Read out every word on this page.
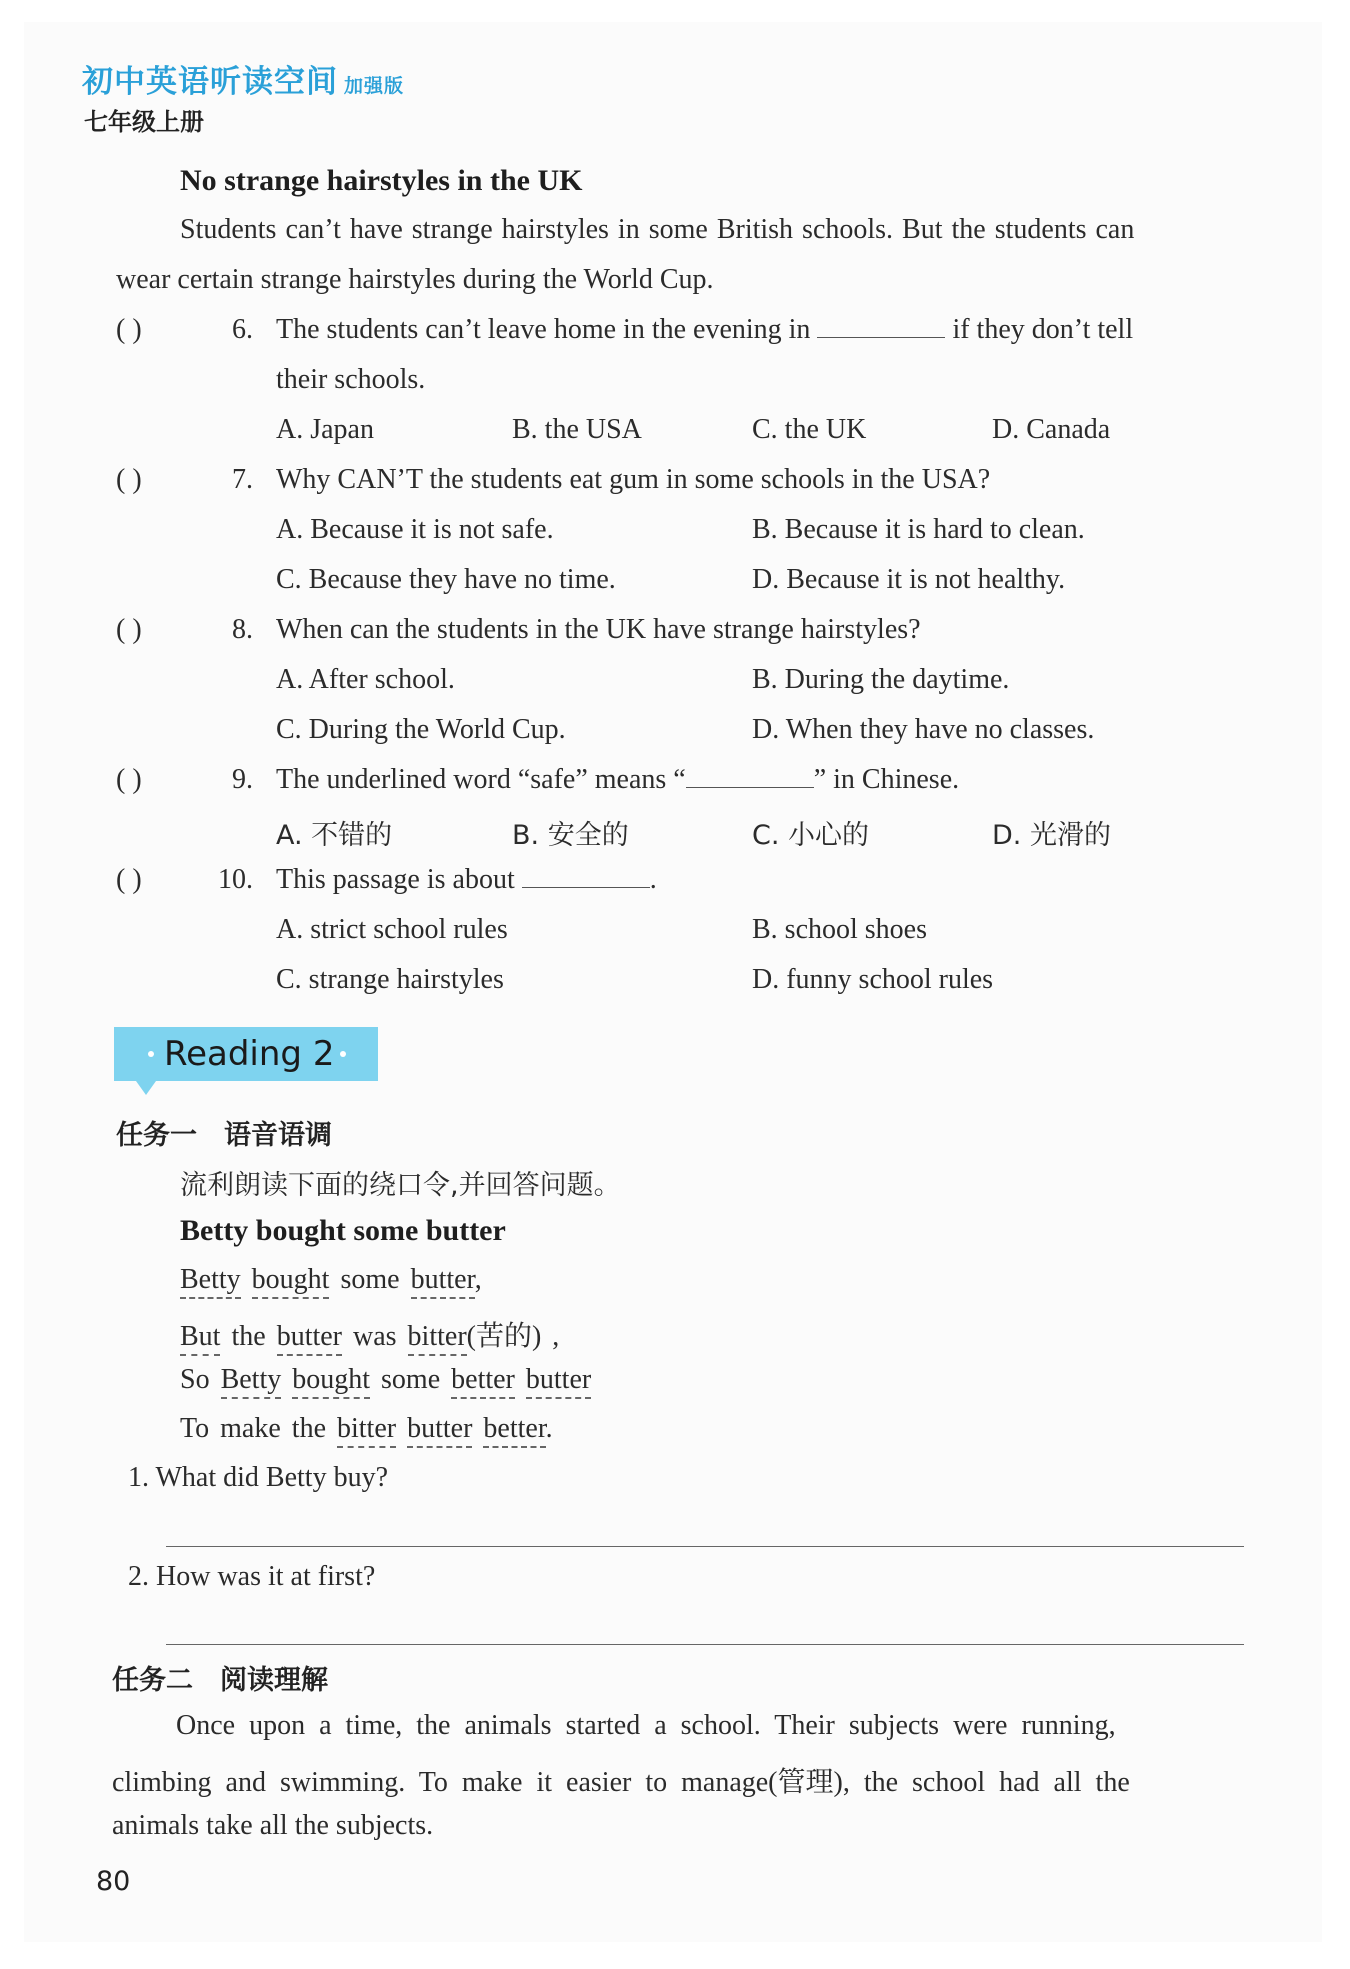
初中英语听读空间 加强版
七年级上册
No strange hairstyles in the UK
Students can’t have strange hairstyles in some British schools. But the students can
wear certain strange hairstyles during the World Cup.
( )	6. The students can’t leave home in the evening in	if they don’t tell
their schools.
A. Japan	B. the USA	C. the UK	D. Canada
( )	7. Why CAN’T the students eat gum in some schools in the USA?
A. Because it is not safe.	B. Because it is hard to clean.
C. Because they have no time.	D. Because it is not healthy.
( )	8. When can the students in the UK have strange hairstyles?
A. After school.	B. During the daytime.
C. During the World Cup.	D. When they have no classes.
( )	9. The underlined word “safe” means “	” in Chinese.
A. 不错的	B. 安全的	C. 小心的	D. 光滑的
( )	10. This passage is about	.
A. strict school rules	B. school shoes
C. strange hairstyles	D. funny school rules
Reading 2
任务一　语音语调
流利朗读下面的绕口令,并回答问题。
Betty bought some butter
Betty bought some butter,
But the butter was bitter(苦的) ,
So Betty bought some better butter
To make the bitter butter better.
1. What did Betty buy?
2. How was it at first?
任务二　阅读理解
Once upon a time, the animals started a school. Their subjects were running,
climbing and swimming. To make it easier to manage(管理), the school had all the
animals take all the subjects.
80
